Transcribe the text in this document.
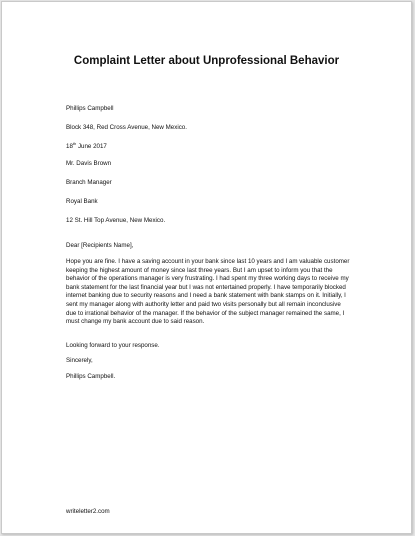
Complaint Letter about Unprofessional Behavior
Phillips Campbell
Block 348, Red Cross Avenue, New Mexico.
18th June 2017
Mr. Davis Brown
Branch Manager
Royal Bank
12 St. Hill Top Avenue, New Mexico.
Dear [Recipients Name],
Hope you are fine. I have a saving account in your bank since last 10 years and I am valuable customer
keeping the highest amount of money since last three years. But I am upset to inform you that the
behavior of the operations manager is very frustrating. I had spent my three working days to receive my
bank statement for the last financial year but I was not entertained properly. I have temporarily blocked
internet banking due to security reasons and I need a bank statement with bank stamps on it. Initially, I
sent my manager along with authority letter and paid two visits personally but all remain inconclusive
due to irrational behavior of the manager. If the behavior of the subject manager remained the same, I
must change my bank account due to said reason.
Looking forward to your response.
Sincerely,
Phillips Campbell.
writeletter2.com
